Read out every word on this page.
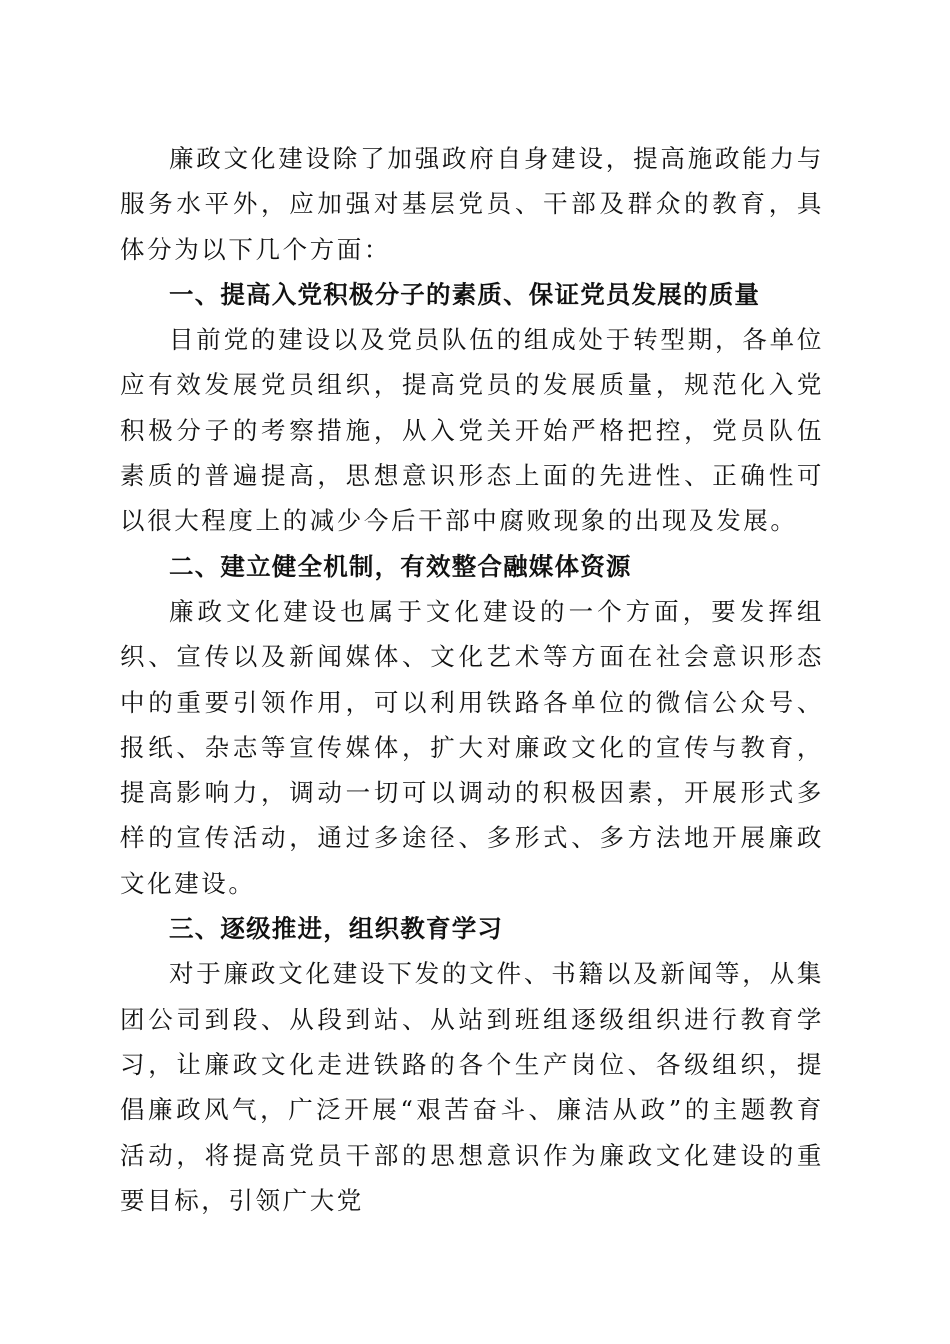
廉政文化建设除了加强政府自身建设，提高施政能力与服务水平外，应加强对基层党员、干部及群众的教育，具体分为以下几个方面：

一、提高入党积极分子的素质、保证党员发展的质量

目前党的建设以及党员队伍的组成处于转型期，各单位应有效发展党员组织，提高党员的发展质量，规范化入党积极分子的考察措施，从入党关开始严格把控，党员队伍素质的普遍提高，思想意识形态上面的先进性、正确性可以很大程度上的减少今后干部中腐败现象的出现及发展。

二、建立健全机制，有效整合融媒体资源

廉政文化建设也属于文化建设的一个方面，要发挥组织、宣传以及新闻媒体、文化艺术等方面在社会意识形态中的重要引领作用，可以利用铁路各单位的微信公众号、报纸、杂志等宣传媒体，扩大对廉政文化的宣传与教育，提高影响力，调动一切可以调动的积极因素，开展形式多样的宣传活动，通过多途径、多形式、多方法地开展廉政文化建设。

三、逐级推进，组织教育学习

对于廉政文化建设下发的文件、书籍以及新闻等，从集团公司到段、从段到站、从站到班组逐级组织进行教育学习，让廉政文化走进铁路的各个生产岗位、各级组织，提倡廉政风气，广泛开展“艰苦奋斗、廉洁从政”的主题教育活动，将提高党员干部的思想意识作为廉政文化建设的重要目标，引领广大党
